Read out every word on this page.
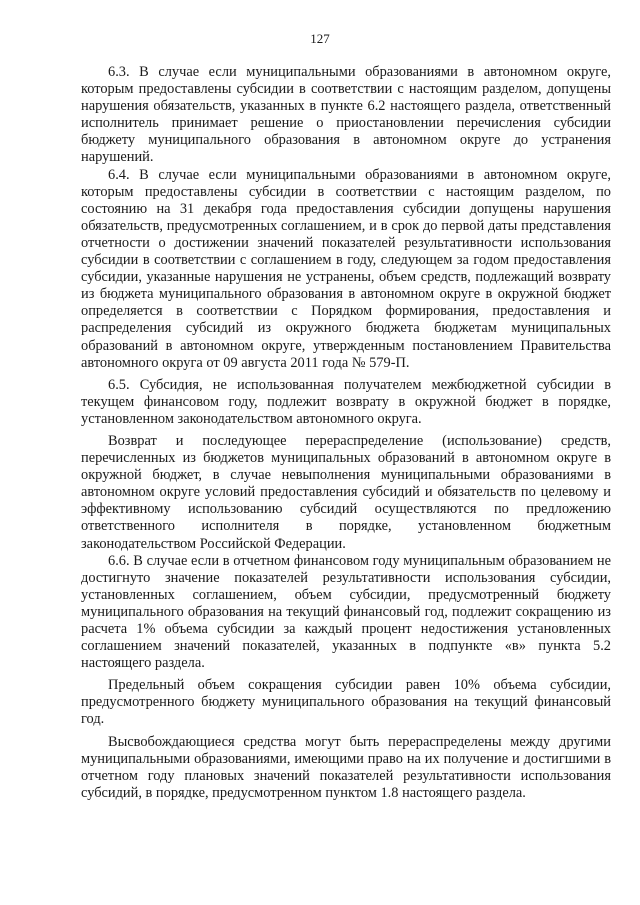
127

6.3. В случае если муниципальными образованиями в автономном округе, которым предоставлены субсидии в соответствии с настоящим разделом, допущены нарушения обязательств, указанных в пункте 6.2 настоящего раздела, ответственный исполнитель принимает решение о приостановлении перечисления субсидии бюджету муниципального образования в автономном округе до устранения нарушений.

6.4. В случае если муниципальными образованиями в автономном округе, которым предоставлены субсидии в соответствии с настоящим разделом, по состоянию на 31 декабря года предоставления субсидии допущены нарушения обязательств, предусмотренных соглашением, и в срок до первой даты представления отчетности о достижении значений показателей результативности использования субсидии в соответствии с соглашением в году, следующем за годом предоставления субсидии, указанные нарушения не устранены, объем средств, подлежащий возврату из бюджета муниципального образования в автономном округе в окружной бюджет определяется в соответствии с Порядком формирования, предоставления и распределения субсидий из окружного бюджета бюджетам муниципальных образований в автономном округе, утвержденным постановлением Правительства автономного округа от 09 августа 2011 года № 579-П.

6.5. Субсидия, не использованная получателем межбюджетной субсидии в текущем финансовом году, подлежит возврату в окружной бюджет в порядке, установленном законодательством автономного округа.

Возврат и последующее перераспределение (использование) средств, перечисленных из бюджетов муниципальных образований в автономном округе в окружной бюджет, в случае невыполнения муниципальными образованиями в автономном округе условий предоставления субсидий и обязательств по целевому и эффективному использованию субсидий осуществляются по предложению ответственного исполнителя в порядке, установленном бюджетным законодательством Российской Федерации.

6.6. В случае если в отчетном финансовом году муниципальным образованием не достигнуто значение показателей результативности использования субсидии, установленных соглашением, объем субсидии, предусмотренный бюджету муниципального образования на текущий финансовый год, подлежит сокращению из расчета 1% объема субсидии за каждый процент недостижения установленных соглашением значений показателей, указанных в подпункте «в» пункта 5.2 настоящего раздела.

Предельный объем сокращения субсидии равен 10% объема субсидии, предусмотренного бюджету муниципального образования на текущий финансовый год.

Высвобождающиеся средства могут быть перераспределены между другими муниципальными образованиями, имеющими право на их получение и достигшими в отчетном году плановых значений показателей результативности использования субсидий, в порядке, предусмотренном пунктом 1.8 настоящего раздела.
